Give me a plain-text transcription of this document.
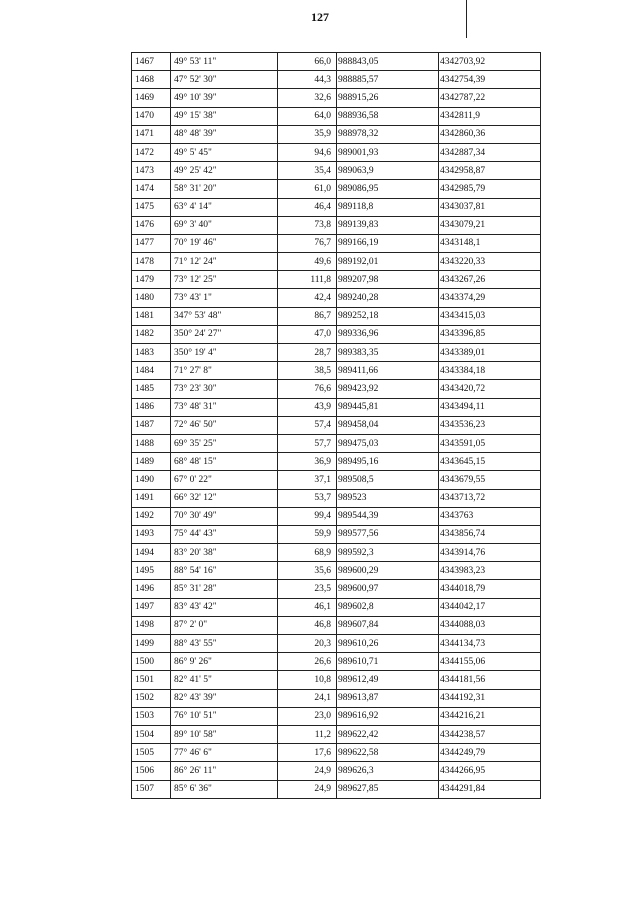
127
1467	49° 53' 11"	66,0	988843,05	4342703,92
1468	47° 52' 30"	44,3	988885,57	4342754,39
1469	49° 10' 39"	32,6	988915,26	4342787,22
1470	49° 15' 38"	64,0	988936,58	4342811,9
1471	48° 48' 39"	35,9	988978,32	4342860,36
1472	49° 5' 45"	94,6	989001,93	4342887,34
1473	49° 25' 42"	35,4	989063,9	4342958,87
1474	58° 31' 20"	61,0	989086,95	4342985,79
1475	63° 4' 14"	46,4	989118,8	4343037,81
1476	69° 3' 40"	73,8	989139,83	4343079,21
1477	70° 19' 46"	76,7	989166,19	4343148,1
1478	71° 12' 24"	49,6	989192,01	4343220,33
1479	73° 12' 25"	111,8	989207,98	4343267,26
1480	73° 43' 1"	42,4	989240,28	4343374,29
1481	347° 53' 48"	86,7	989252,18	4343415,03
1482	350° 24' 27"	47,0	989336,96	4343396,85
1483	350° 19' 4"	28,7	989383,35	4343389,01
1484	71° 27' 8"	38,5	989411,66	4343384,18
1485	73° 23' 30"	76,6	989423,92	4343420,72
1486	73° 48' 31"	43,9	989445,81	4343494,11
1487	72° 46' 50"	57,4	989458,04	4343536,23
1488	69° 35' 25"	57,7	989475,03	4343591,05
1489	68° 48' 15"	36,9	989495,16	4343645,15
1490	67° 0' 22"	37,1	989508,5	4343679,55
1491	66° 32' 12"	53,7	989523	4343713,72
1492	70° 30' 49"	99,4	989544,39	4343763
1493	75° 44' 43"	59,9	989577,56	4343856,74
1494	83° 20' 38"	68,9	989592,3	4343914,76
1495	88° 54' 16"	35,6	989600,29	4343983,23
1496	85° 31' 28"	23,5	989600,97	4344018,79
1497	83° 43' 42"	46,1	989602,8	4344042,17
1498	87° 2' 0"	46,8	989607,84	4344088,03
1499	88° 43' 55"	20,3	989610,26	4344134,73
1500	86° 9' 26"	26,6	989610,71	4344155,06
1501	82° 41' 5"	10,8	989612,49	4344181,56
1502	82° 43' 39"	24,1	989613,87	4344192,31
1503	76° 10' 51"	23,0	989616,92	4344216,21
1504	89° 10' 58"	11,2	989622,42	4344238,57
1505	77° 46' 6"	17,6	989622,58	4344249,79
1506	86° 26' 11"	24,9	989626,3	4344266,95
1507	85° 6' 36"	24,9	989627,85	4344291,84
